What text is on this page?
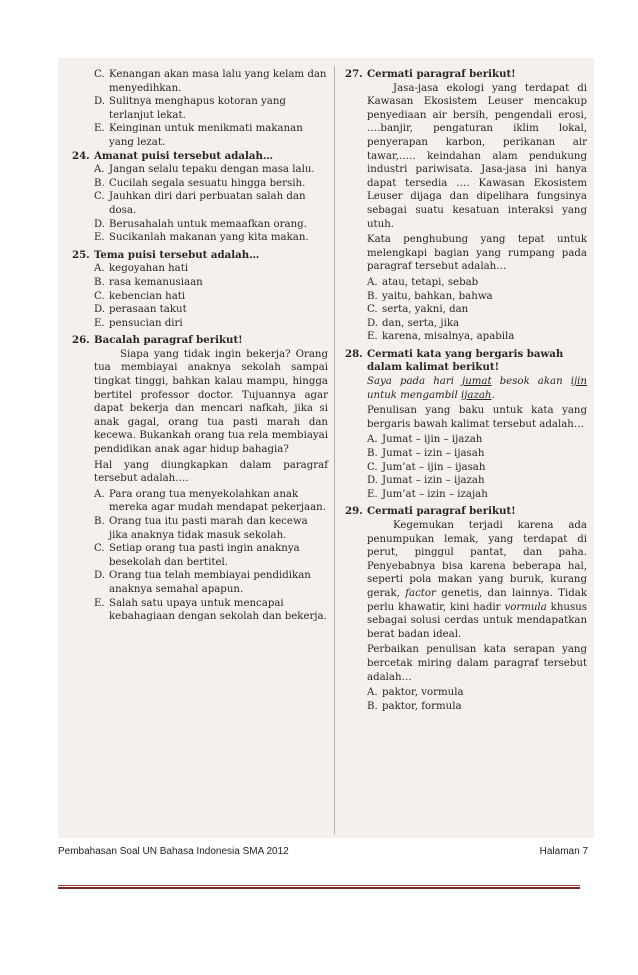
C. Kenangan akan masa lalu yang kelam dan menyedihkan.
D. Sulitnya menghapus kotoran yang terlanjut lekat.
E. Keinginan untuk menikmati makanan yang lezat.
24. Amanat puisi tersebut adalah…
A. Jangan selalu tepaku dengan masa lalu.
B. Cucilah segala sesuatu hingga bersih.
C. Jauhkan diri dari perbuatan salah dan dosa.
D. Berusahalah untuk memaafkan orang.
E. Sucikanlah makanan yang kita makan.
25. Tema puisi tersebut adalah…
A. kegoyahan hati
B. rasa kemanusiaan
C. kebencian hati
D. perasaan takut
E. pensucian diri
26. Bacalah paragraf berikut!
Siapa yang tidak ingin bekerja? Orang tua membiayai anaknya sekolah sampai tingkat tinggi, bahkan kalau mampu, hingga bertitel professor doctor. Tujuannya agar dapat bekerja dan mencari nafkah, jika si anak gagal, orang tua pasti marah dan kecewa. Bukankah orang tua rela membiayai pendidikan anak agar hidup bahagia?
Hal yang diungkapkan dalam paragraf tersebut adalah….
A. Para orang tua menyekolahkan anak mereka agar mudah mendapat pekerjaan.
B. Orang tua itu pasti marah dan kecewa jika anaknya tidak masuk sekolah.
C. Setiap orang tua pasti ingin anaknya besekolah dan bertitel.
D. Orang tua telah membiayai pendidikan anaknya semahal apapun.
E. Salah satu upaya untuk mencapai kebahagiaan dengan sekolah dan bekerja.
27. Cermati paragraf berikut!
Jasa-jasa ekologi yang terdapat di Kawasan Ekosistem Leuser mencakup penyediaan air bersih, pengendali erosi, ….banjir, pengaturan iklim lokal, penyerapan karbon, perikanan air tawar,….. keindahan alam pendukung industri pariwisata. Jasa-jasa ini hanya dapat tersedia …. Kawasan Ekosistem Leuser dijaga dan dipelihara fungsinya sebagai suatu kesatuan interaksi yang utuh.
Kata penghubung yang tepat untuk melengkapi bagian yang rumpang pada paragraf tersebut adalah…
A. atau, tetapi, sebab
B. yaitu, bahkan, bahwa
C. serta, yakni, dan
D. dan, serta, jika
E. karena, misalnya, apabila
28. Cermati kata yang bergaris bawah dalam kalimat berikut!
Saya pada hari jumat besok akan ijin untuk mengambil ijazah.
Penulisan yang baku untuk kata yang bergaris bawah kalimat tersebut adalah…
A. Jumat – ijin – ijazah
B. Jumat – izin – ijasah
C. Jum’at – ijin – ijasah
D. Jumat – izin – ijazah
E. Jum’at – izin – izajah
29. Cermati paragraf berikut!
Kegemukan terjadi karena ada penumpukan lemak, yang terdapat di perut, pinggul pantat, dan paha. Penyebabnya bisa karena beberapa hal, seperti pola makan yang buruk, kurang gerak, factor genetis, dan lainnya. Tidak perlu khawatir, kini hadir vormula khusus sebagai solusi cerdas untuk mendapatkan berat badan ideal.
Perbaikan penulisan kata serapan yang bercetak miring dalam paragraf tersebut adalah…
A. paktor, vormula
B. paktor, formula
Pembahasan Soal UN Bahasa Indonesia SMA 2012	Halaman 7
